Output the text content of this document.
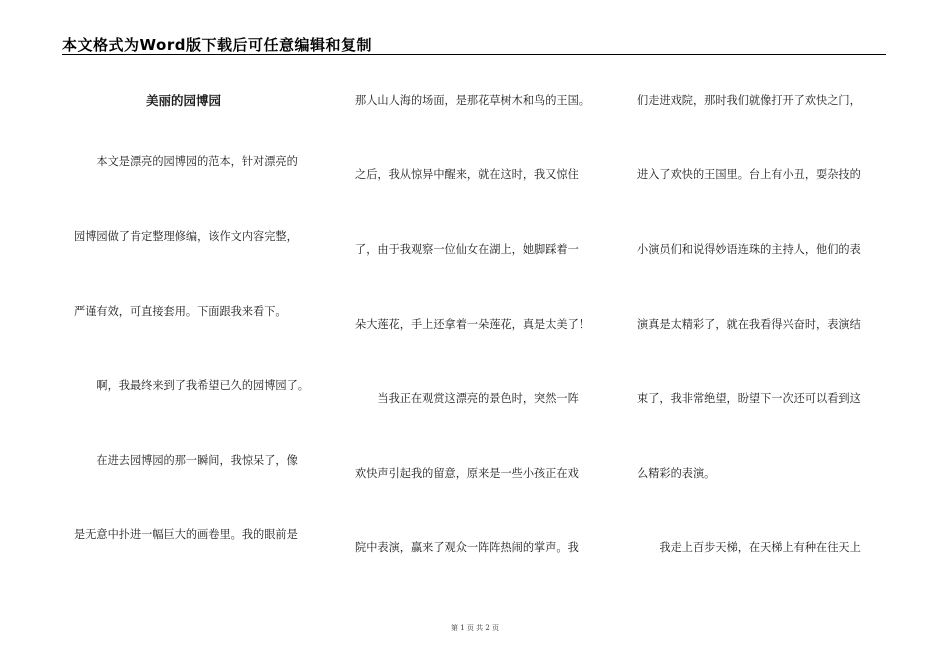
本文格式为Word版下载后可任意编辑和复制
美丽的园博园
　　本文是漂亮的园博园的范本，针对漂亮的
园博园做了肯定整理修编，该作文内容完整，
严谨有效，可直接套用。下面跟我来看下。
　　啊，我最终来到了我希望已久的园博园了。
　　在进去园博园的那一瞬间，我惊呆了，像
是无意中扑进一幅巨大的画卷里。我的眼前是
那人山人海的场面，是那花草树木和鸟的王国。
之后，我从惊异中醒来，就在这时，我又惊住
了，由于我观察一位仙女在湖上，她脚踩着一
朵大莲花，手上还拿着一朵莲花，真是太美了！
　　当我正在观赏这漂亮的景色时，突然一阵
欢快声引起我的留意，原来是一些小孩正在戏
院中表演，赢来了观众一阵阵热闹的掌声。我
们走进戏院，那时我们就像打开了欢快之门，
进入了欢快的王国里。台上有小丑，耍杂技的
小演员们和说得妙语连珠的主持人，他们的表
演真是太精彩了，就在我看得兴奋时，表演结
束了，我非常绝望，盼望下一次还可以看到这
么精彩的表演。
　　我走上百步天梯，在天梯上有种在往天上
第 1 页 共 2 页
